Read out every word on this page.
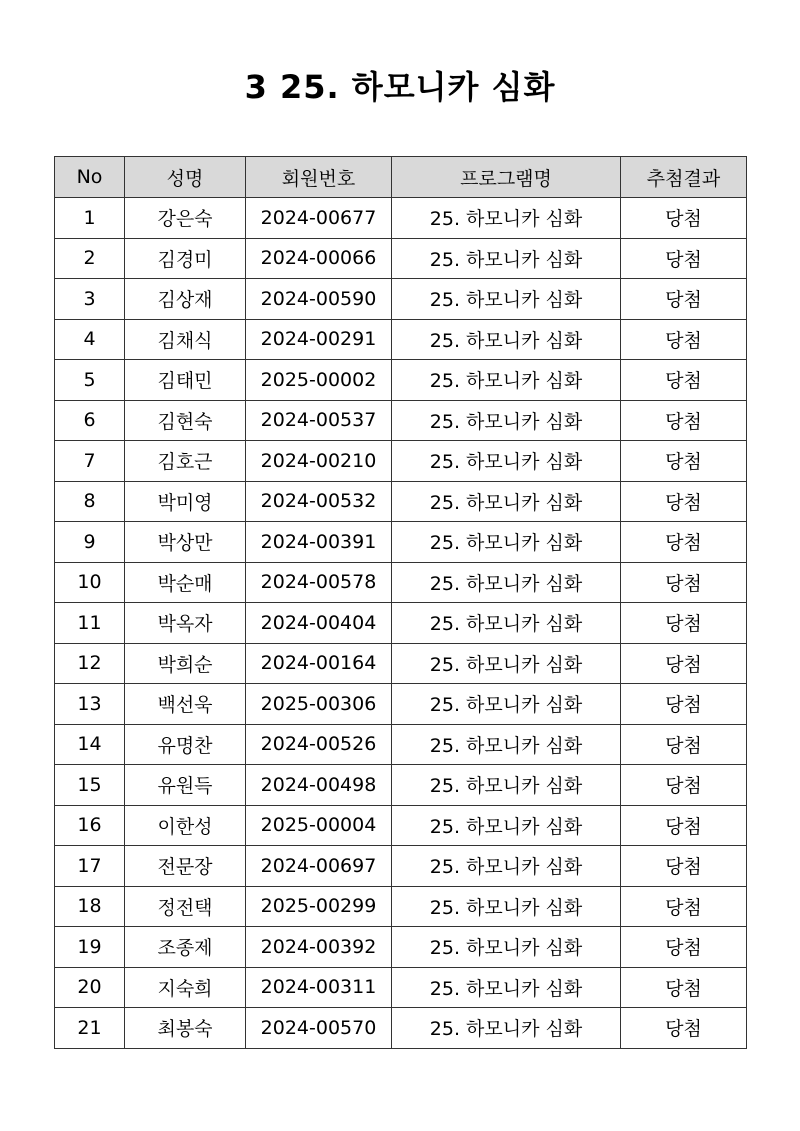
3 25. 하모니카 심화
No	성명	회원번호	프로그램명	추첨결과
1	강은숙	2024-00677	25. 하모니카 심화	당첨
2	김경미	2024-00066	25. 하모니카 심화	당첨
3	김상재	2024-00590	25. 하모니카 심화	당첨
4	김채식	2024-00291	25. 하모니카 심화	당첨
5	김태민	2025-00002	25. 하모니카 심화	당첨
6	김현숙	2024-00537	25. 하모니카 심화	당첨
7	김호근	2024-00210	25. 하모니카 심화	당첨
8	박미영	2024-00532	25. 하모니카 심화	당첨
9	박상만	2024-00391	25. 하모니카 심화	당첨
10	박순매	2024-00578	25. 하모니카 심화	당첨
11	박옥자	2024-00404	25. 하모니카 심화	당첨
12	박희순	2024-00164	25. 하모니카 심화	당첨
13	백선욱	2025-00306	25. 하모니카 심화	당첨
14	유명찬	2024-00526	25. 하모니카 심화	당첨
15	유원득	2024-00498	25. 하모니카 심화	당첨
16	이한성	2025-00004	25. 하모니카 심화	당첨
17	전문장	2024-00697	25. 하모니카 심화	당첨
18	정전택	2025-00299	25. 하모니카 심화	당첨
19	조종제	2024-00392	25. 하모니카 심화	당첨
20	지숙희	2024-00311	25. 하모니카 심화	당첨
21	최봉숙	2024-00570	25. 하모니카 심화	당첨
